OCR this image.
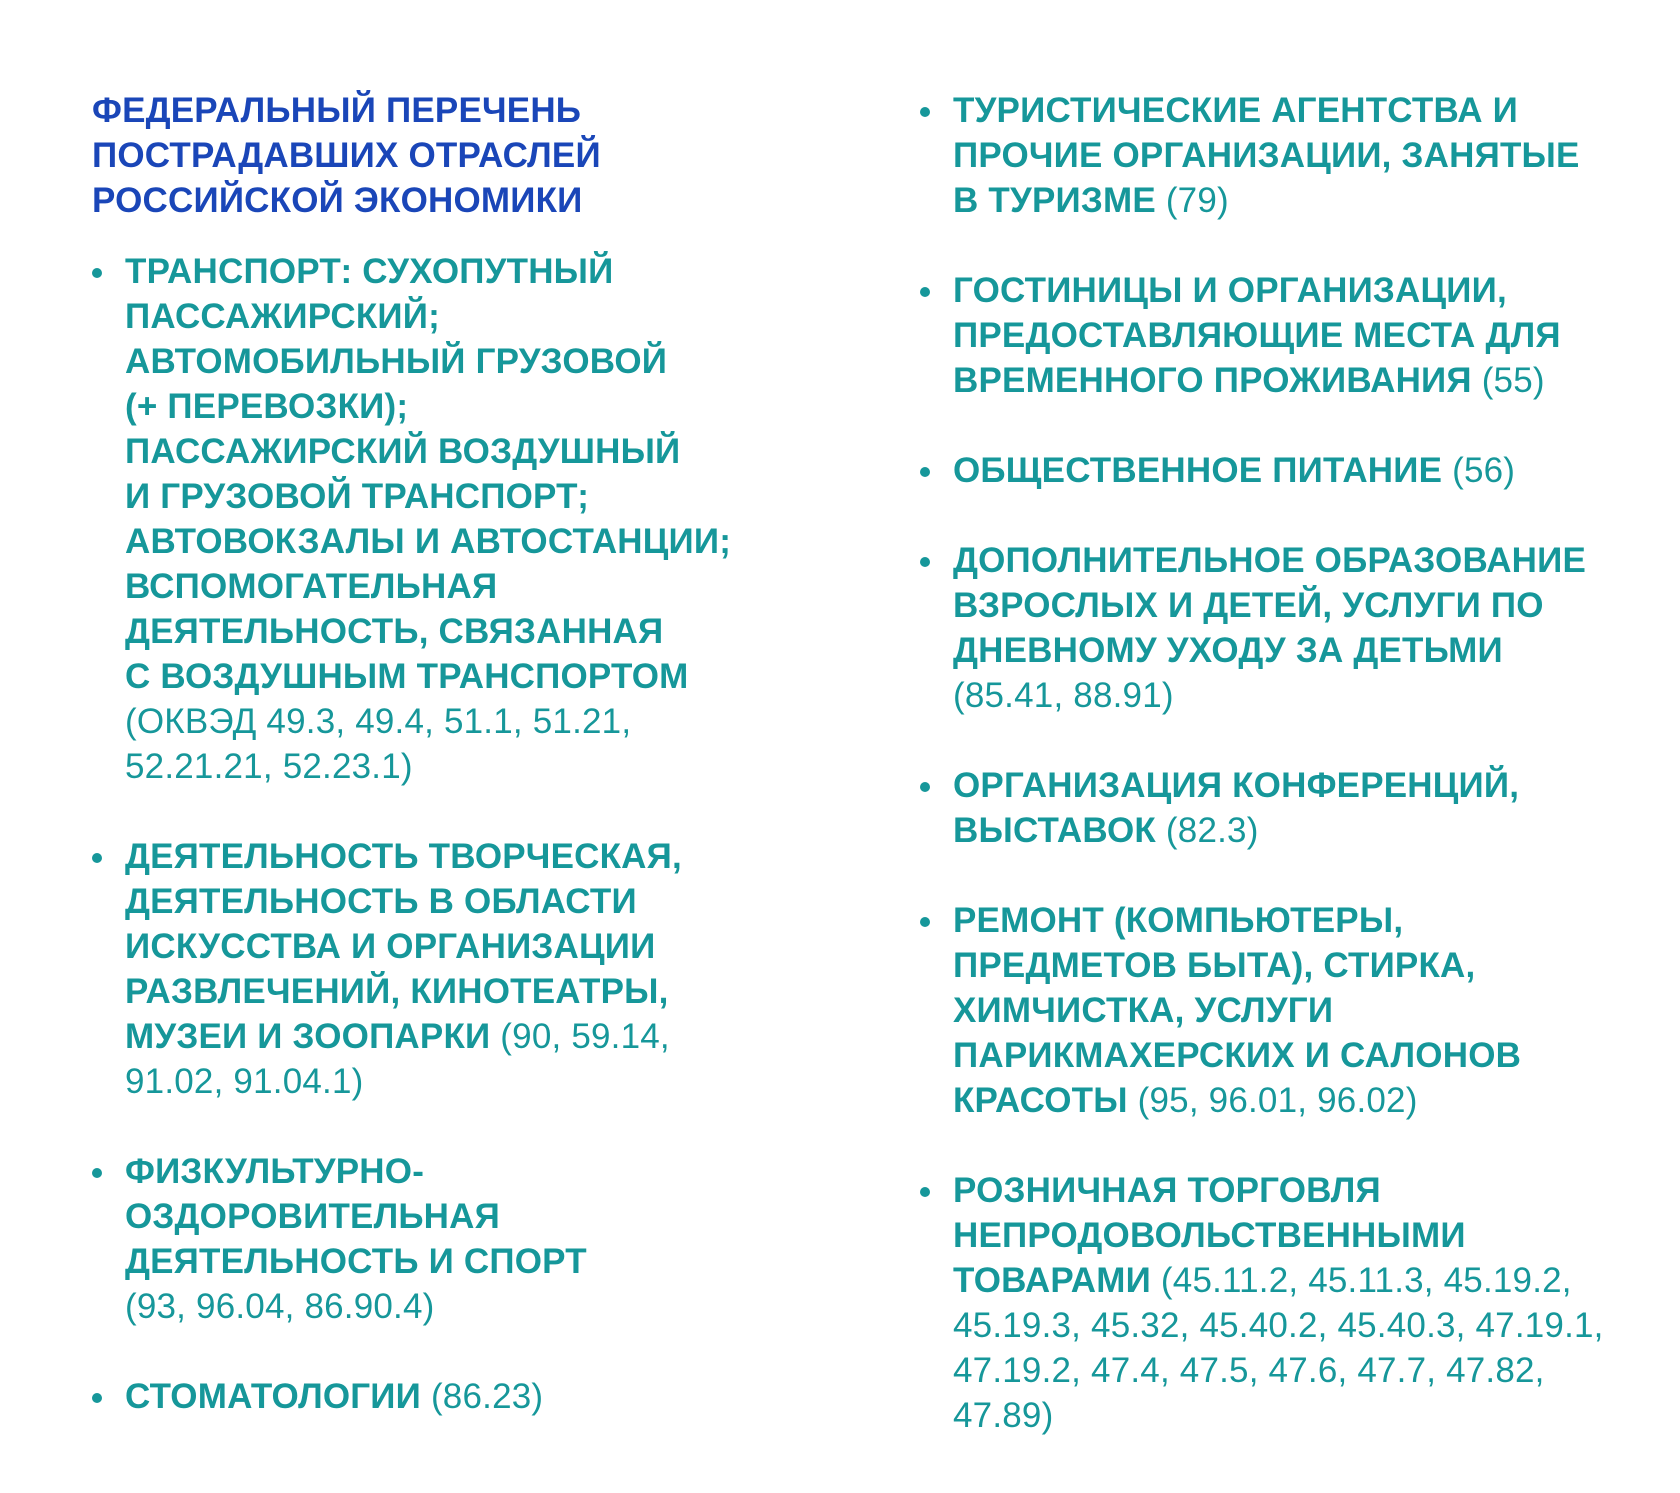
ФЕДЕРАЛЬНЫЙ ПЕРЕЧЕНЬ
ПОСТРАДАВШИХ ОТРАСЛЕЙ
РОССИЙСКОЙ ЭКОНОМИКИ
ТРАНСПОРТ: СУХОПУТНЫЙ
ПАССАЖИРСКИЙ;
АВТОМОБИЛЬНЫЙ ГРУЗОВОЙ
(+ ПЕРЕВОЗКИ);
ПАССАЖИРСКИЙ ВОЗДУШНЫЙ
И ГРУЗОВОЙ ТРАНСПОРТ;
АВТОВОКЗАЛЫ И АВТОСТАНЦИИ;
ВСПОМОГАТЕЛЬНАЯ
ДЕЯТЕЛЬНОСТЬ, СВЯЗАННАЯ
С ВОЗДУШНЫМ ТРАНСПОРТОМ
(ОКВЭД 49.3, 49.4, 51.1, 51.21,
52.21.21, 52.23.1)
ДЕЯТЕЛЬНОСТЬ ТВОРЧЕСКАЯ,
ДЕЯТЕЛЬНОСТЬ В ОБЛАСТИ
ИСКУССТВА И ОРГАНИЗАЦИИ
РАЗВЛЕЧЕНИЙ, КИНОТЕАТРЫ,
МУЗЕИ И ЗООПАРКИ (90, 59.14,
91.02, 91.04.1)
ФИЗКУЛЬТУРНО-
ОЗДОРОВИТЕЛЬНАЯ
ДЕЯТЕЛЬНОСТЬ И СПОРТ
(93, 96.04, 86.90.4)
СТОМАТОЛОГИИ (86.23)
ТУРИСТИЧЕСКИЕ АГЕНТСТВА И
ПРОЧИЕ ОРГАНИЗАЦИИ, ЗАНЯТЫЕ
В ТУРИЗМЕ (79)
ГОСТИНИЦЫ И ОРГАНИЗАЦИИ,
ПРЕДОСТАВЛЯЮЩИЕ МЕСТА ДЛЯ
ВРЕМЕННОГО ПРОЖИВАНИЯ (55)
ОБЩЕСТВЕННОЕ ПИТАНИЕ (56)
ДОПОЛНИТЕЛЬНОЕ ОБРАЗОВАНИЕ
ВЗРОСЛЫХ И ДЕТЕЙ, УСЛУГИ ПО
ДНЕВНОМУ УХОДУ ЗА ДЕТЬМИ
(85.41, 88.91)
ОРГАНИЗАЦИЯ КОНФЕРЕНЦИЙ,
ВЫСТАВОК (82.3)
РЕМОНТ (КОМПЬЮТЕРЫ,
ПРЕДМЕТОВ БЫТА), СТИРКА,
ХИМЧИСТКА, УСЛУГИ
ПАРИКМАХЕРСКИХ И САЛОНОВ
КРАСОТЫ (95, 96.01, 96.02)
РОЗНИЧНАЯ ТОРГОВЛЯ
НЕПРОДОВОЛЬСТВЕННЫМИ
ТОВАРАМИ (45.11.2, 45.11.3, 45.19.2,
45.19.3, 45.32, 45.40.2, 45.40.3, 47.19.1,
47.19.2, 47.4, 47.5, 47.6, 47.7, 47.82,
47.89)
